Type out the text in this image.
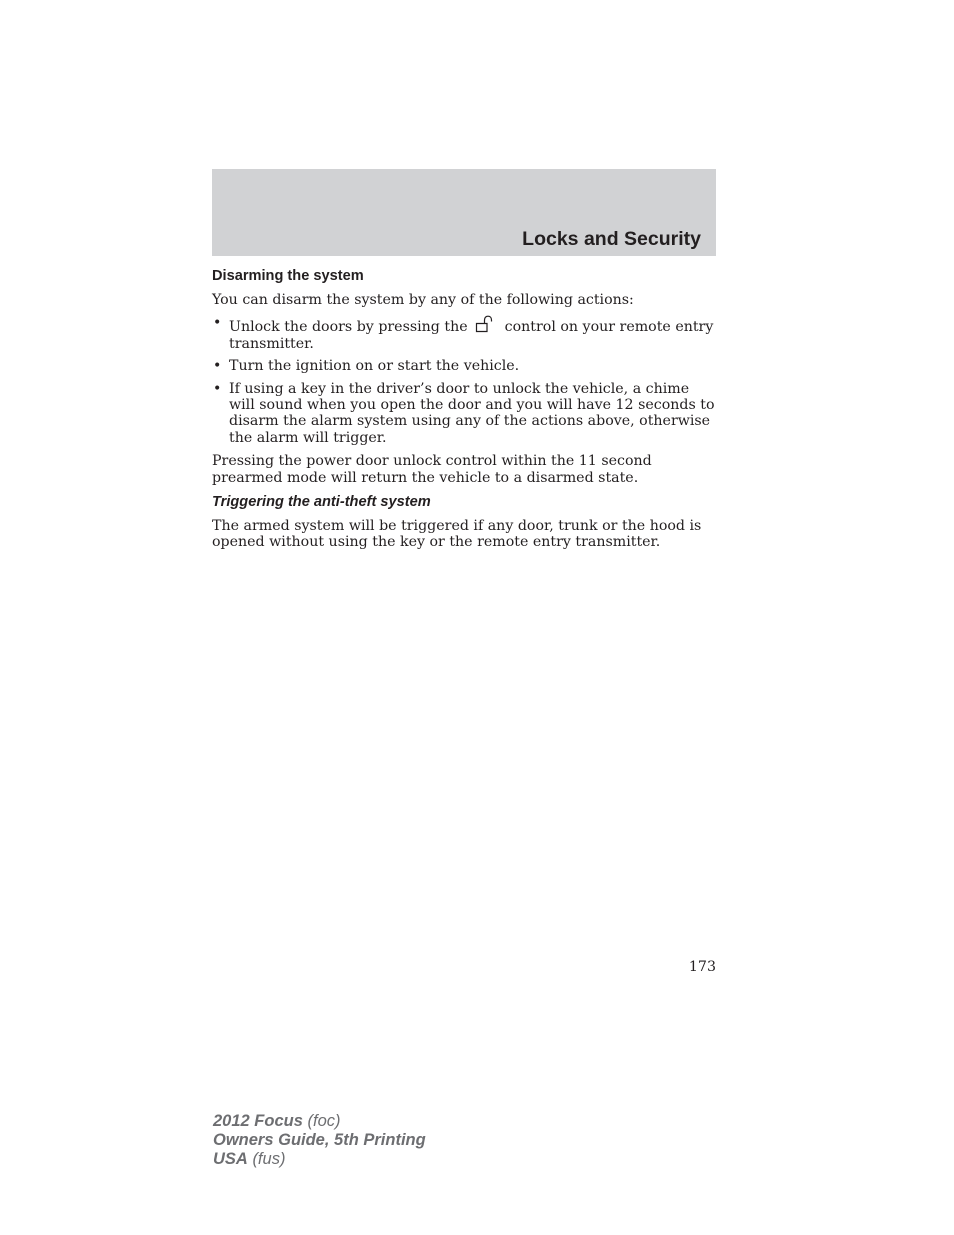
Locks and Security
Disarming the system

You can disarm the system by any of the following actions:

• Unlock the doors by pressing the	control on your remote entry transmitter.
• Turn the ignition on or start the vehicle.
• If using a key in the driver’s door to unlock the vehicle, a chime will sound when you open the door and you will have 12 seconds to disarm the alarm system using any of the actions above, otherwise the alarm will trigger.

Pressing the power door unlock control within the 11 second prearmed mode will return the vehicle to a disarmed state.

Triggering the anti-theft system

The armed system will be triggered if any door, trunk or the hood is opened without using the key or the remote entry transmitter.

173
2012 Focus (foc)
Owners Guide, 5th Printing
USA (fus)
